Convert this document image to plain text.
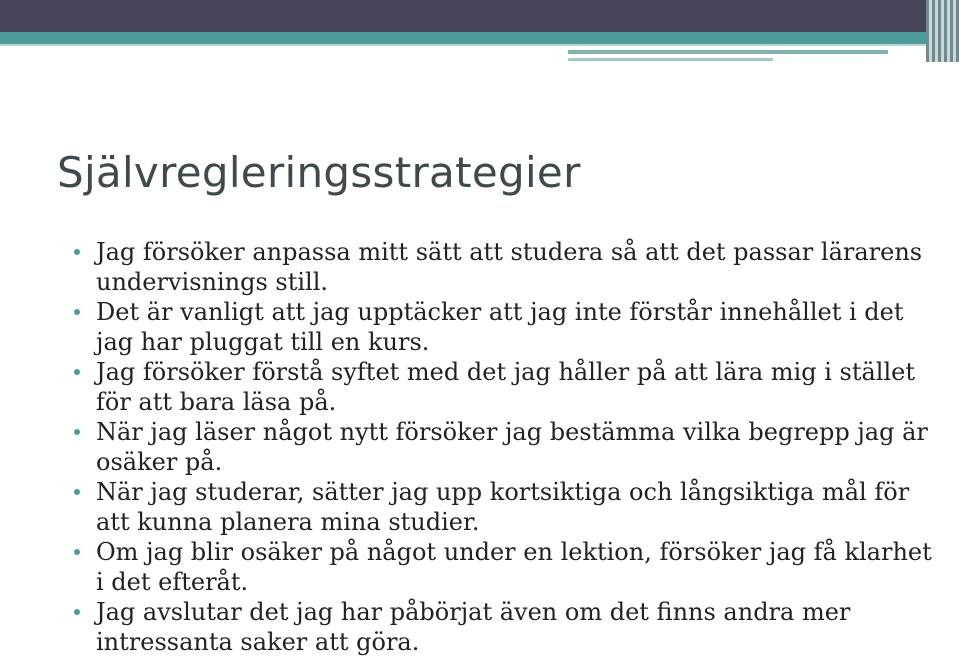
Självregleringsstrategier
Jag försöker anpassa mitt sätt att studera så att det passar lärarens undervisnings still.
Det är vanligt att jag upptäcker att jag inte förstår innehållet i det jag har pluggat till en kurs.
Jag försöker förstå syftet med det jag håller på att lära mig i stället för att bara läsa på.
När jag läser något nytt försöker jag bestämma vilka begrepp jag är osäker på.
När jag studerar, sätter jag upp kortsiktiga och långsiktiga mål för att kunna planera mina studier.
Om jag blir osäker på något under en lektion, försöker jag få klarhet i det efteråt.
Jag avslutar det jag har påbörjat även om det finns andra mer intressanta saker att göra.
